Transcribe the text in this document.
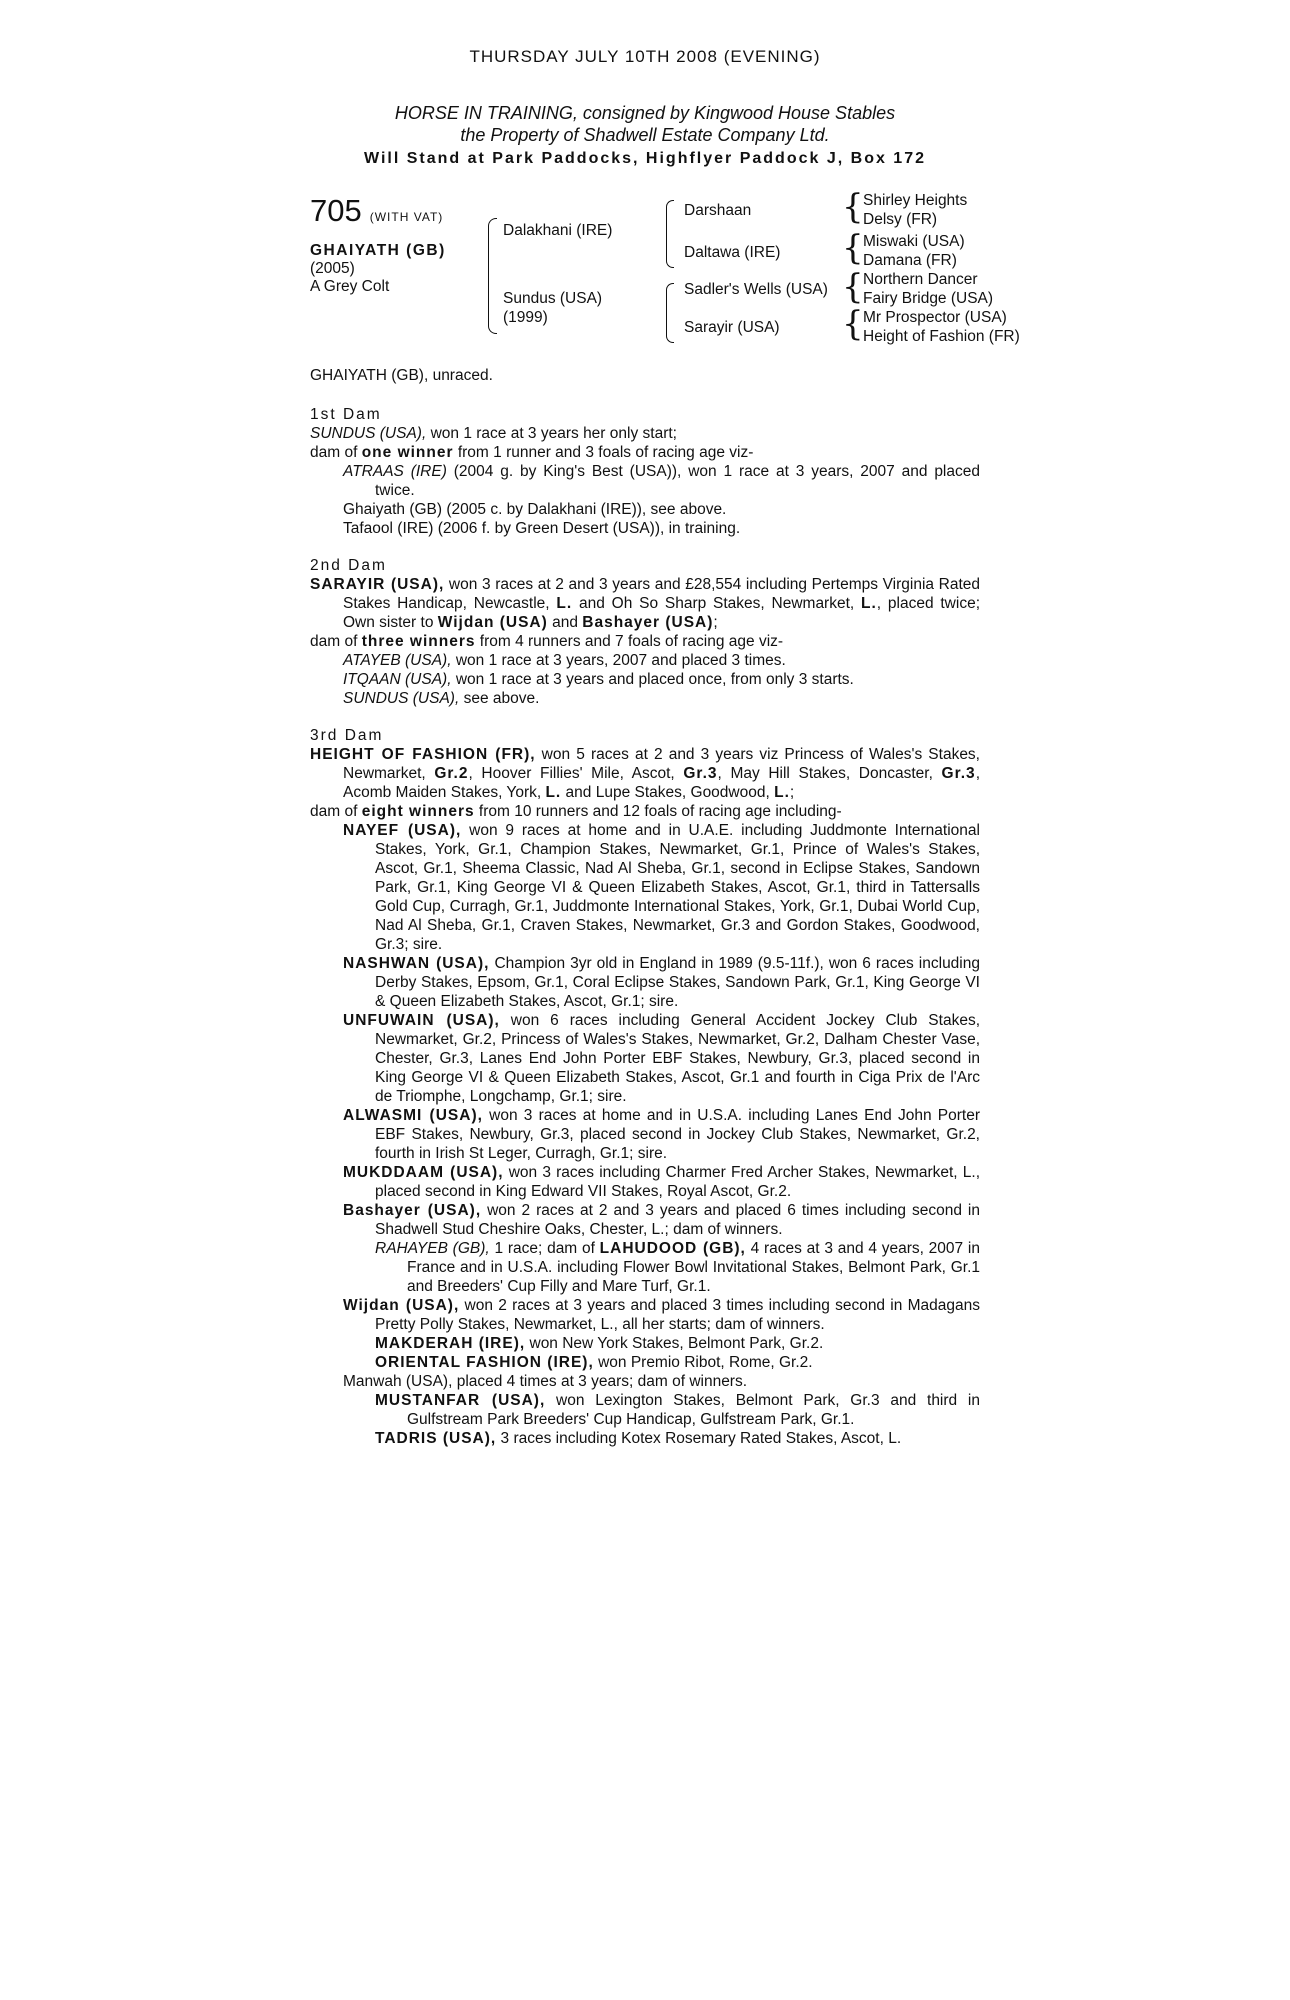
THURSDAY JULY 10TH 2008 (EVENING)
HORSE IN TRAINING, consigned by Kingwood House Stables
the Property of Shadwell Estate Company Ltd.
Will Stand at Park Paddocks, Highflyer Paddock J, Box 172
705 (WITH VAT)
GHAIYATH (GB)
(2005)
A Grey Colt
Dalakhani (IRE)
Sundus (USA)
(1999)
Darshaan
Daltawa (IRE)
Sadler's Wells (USA)
Sarayir (USA)
{ Shirley Heights
Delsy (FR)
{ Miswaki (USA)
Damana (FR)
{ Northern Dancer
Fairy Bridge (USA)
{ Mr Prospector (USA)
Height of Fashion (FR)
GHAIYATH (GB), unraced.
1st Dam
SUNDUS (USA), won 1 race at 3 years her only start;
dam of one winner from 1 runner and 3 foals of racing age viz-
ATRAAS (IRE) (2004 g. by King's Best (USA)), won 1 race at 3 years, 2007 and placed twice.
Ghaiyath (GB) (2005 c. by Dalakhani (IRE)), see above.
Tafaool (IRE) (2006 f. by Green Desert (USA)), in training.
2nd Dam
SARAYIR (USA), won 3 races at 2 and 3 years and £28,554 including Pertemps Virginia Rated Stakes Handicap, Newcastle, L. and Oh So Sharp Stakes, Newmarket, L., placed twice; Own sister to Wijdan (USA) and Bashayer (USA);
dam of three winners from 4 runners and 7 foals of racing age viz-
ATAYEB (USA), won 1 race at 3 years, 2007 and placed 3 times.
ITQAAN (USA), won 1 race at 3 years and placed once, from only 3 starts.
SUNDUS (USA), see above.
3rd Dam
HEIGHT OF FASHION (FR), won 5 races at 2 and 3 years viz Princess of Wales's Stakes, Newmarket, Gr.2, Hoover Fillies' Mile, Ascot, Gr.3, May Hill Stakes, Doncaster, Gr.3, Acomb Maiden Stakes, York, L. and Lupe Stakes, Goodwood, L.;
dam of eight winners from 10 runners and 12 foals of racing age including-
NAYEF (USA), won 9 races at home and in U.A.E. including Juddmonte International Stakes, York, Gr.1, Champion Stakes, Newmarket, Gr.1, Prince of Wales's Stakes, Ascot, Gr.1, Sheema Classic, Nad Al Sheba, Gr.1, second in Eclipse Stakes, Sandown Park, Gr.1, King George VI & Queen Elizabeth Stakes, Ascot, Gr.1, third in Tattersalls Gold Cup, Curragh, Gr.1, Juddmonte International Stakes, York, Gr.1, Dubai World Cup, Nad Al Sheba, Gr.1, Craven Stakes, Newmarket, Gr.3 and Gordon Stakes, Goodwood, Gr.3; sire.
NASHWAN (USA), Champion 3yr old in England in 1989 (9.5-11f.), won 6 races including Derby Stakes, Epsom, Gr.1, Coral Eclipse Stakes, Sandown Park, Gr.1, King George VI & Queen Elizabeth Stakes, Ascot, Gr.1; sire.
UNFUWAIN (USA), won 6 races including General Accident Jockey Club Stakes, Newmarket, Gr.2, Princess of Wales's Stakes, Newmarket, Gr.2, Dalham Chester Vase, Chester, Gr.3, Lanes End John Porter EBF Stakes, Newbury, Gr.3, placed second in King George VI & Queen Elizabeth Stakes, Ascot, Gr.1 and fourth in Ciga Prix de l'Arc de Triomphe, Longchamp, Gr.1; sire.
ALWASMI (USA), won 3 races at home and in U.S.A. including Lanes End John Porter EBF Stakes, Newbury, Gr.3, placed second in Jockey Club Stakes, Newmarket, Gr.2, fourth in Irish St Leger, Curragh, Gr.1; sire.
MUKDDAAM (USA), won 3 races including Charmer Fred Archer Stakes, Newmarket, L., placed second in King Edward VII Stakes, Royal Ascot, Gr.2.
Bashayer (USA), won 2 races at 2 and 3 years and placed 6 times including second in Shadwell Stud Cheshire Oaks, Chester, L.; dam of winners.
RAHAYEB (GB), 1 race; dam of LAHUDOOD (GB), 4 races at 3 and 4 years, 2007 in France and in U.S.A. including Flower Bowl Invitational Stakes, Belmont Park, Gr.1 and Breeders' Cup Filly and Mare Turf, Gr.1.
Wijdan (USA), won 2 races at 3 years and placed 3 times including second in Madagans Pretty Polly Stakes, Newmarket, L., all her starts; dam of winners.
MAKDERAH (IRE), won New York Stakes, Belmont Park, Gr.2.
ORIENTAL FASHION (IRE), won Premio Ribot, Rome, Gr.2.
Manwah (USA), placed 4 times at 3 years; dam of winners.
MUSTANFAR (USA), won Lexington Stakes, Belmont Park, Gr.3 and third in Gulfstream Park Breeders' Cup Handicap, Gulfstream Park, Gr.1.
TADRIS (USA), 3 races including Kotex Rosemary Rated Stakes, Ascot, L.
